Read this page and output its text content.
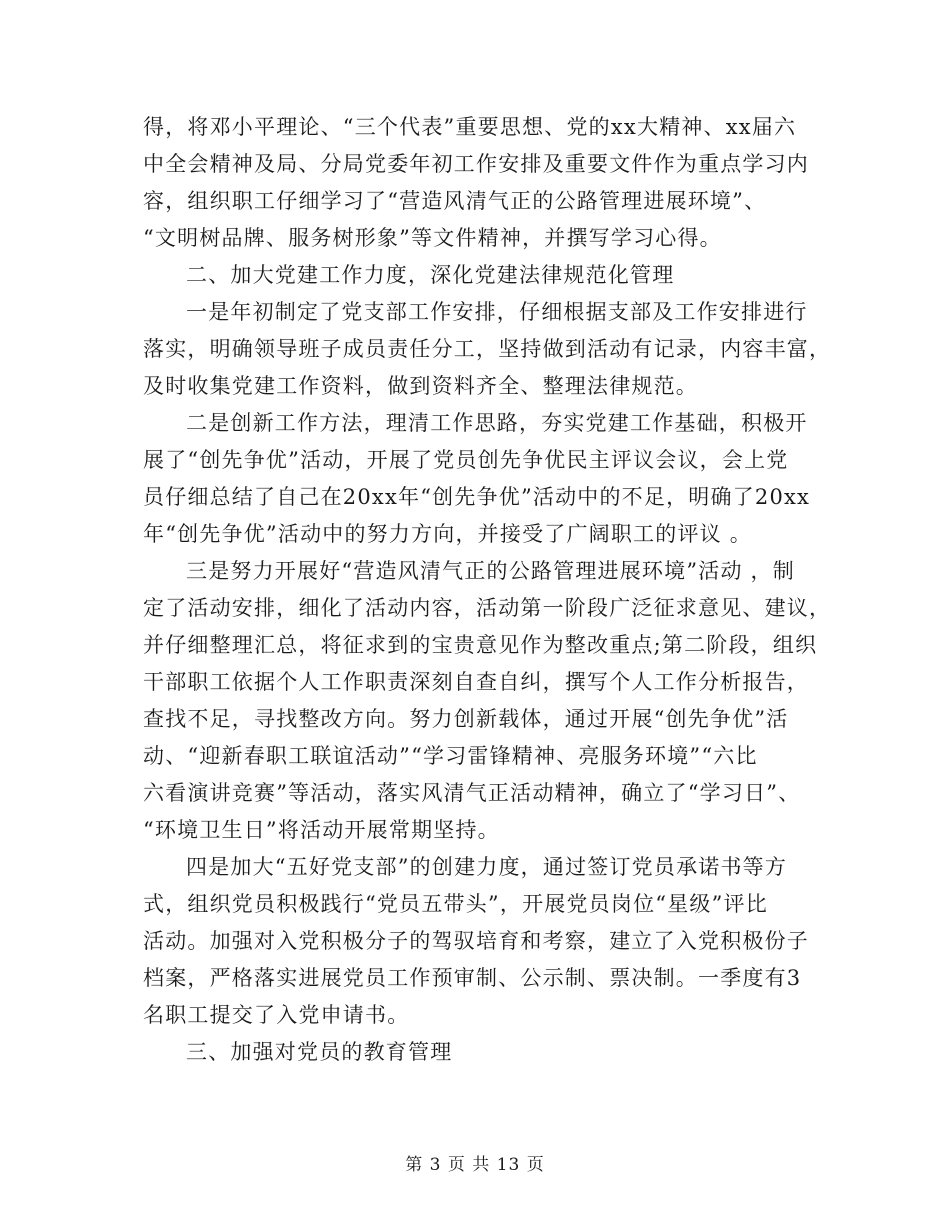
得，将邓小平理论、“三个代表”重要思想、党的xx大精神、xx届六
中全会精神及局、分局党委年初工作安排及重要文件作为重点学习内
容，组织职工仔细学习了“营造风清气正的公路管理进展环境”、
“文明树品牌、服务树形象”等文件精神，并撰写学习心得。
二、加大党建工作力度，深化党建法律规范化管理
一是年初制定了党支部工作安排，仔细根据支部及工作安排进行
落实，明确领导班子成员责任分工，坚持做到活动有记录，内容丰富，
及时收集党建工作资料，做到资料齐全、整理法律规范。
二是创新工作方法，理清工作思路，夯实党建工作基础，积极开
展了“创先争优”活动，开展了党员创先争优民主评议会议，会上党
员仔细总结了自己在20xx年“创先争优”活动中的不足，明确了20xx
年“创先争优”活动中的努力方向，并接受了广阔职工的评议 。
三是努力开展好“营造风清气正的公路管理进展环境”活动 ，制
定了活动安排，细化了活动内容，活动第一阶段广泛征求意见、建议，
并仔细整理汇总，将征求到的宝贵意见作为整改重点;第二阶段，组织
干部职工依据个人工作职责深刻自查自纠，撰写个人工作分析报告，
查找不足，寻找整改方向。努力创新载体，通过开展“创先争优”活
动、“迎新春职工联谊活动”“学习雷锋精神、亮服务环境”“六比
六看演讲竞赛”等活动，落实风清气正活动精神，确立了“学习日”、
“环境卫生日”将活动开展常期坚持。
四是加大“五好党支部”的创建力度，通过签订党员承诺书等方
式，组织党员积极践行“党员五带头”，开展党员岗位“星级”评比
活动。加强对入党积极分子的驾驭培育和考察，建立了入党积极份子
档案，严格落实进展党员工作预审制、公示制、票决制。一季度有3
名职工提交了入党申请书。
三、加强对党员的教育管理
第 3 页 共 13 页
